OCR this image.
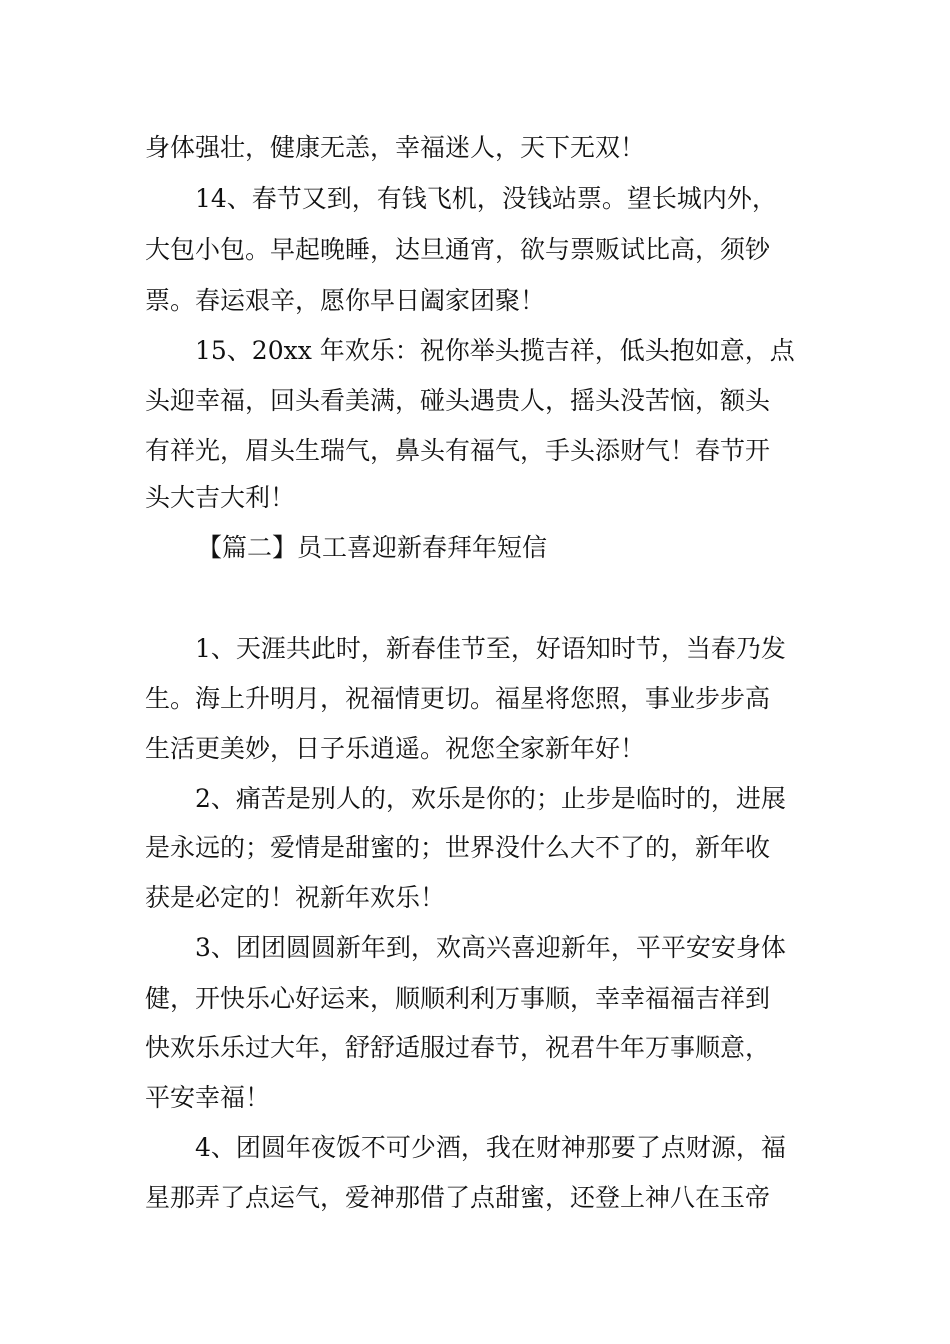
身体强壮，健康无恙，幸福迷人，天下无双！
14、春节又到，有钱飞机，没钱站票。望长城内外，
大包小包。早起晚睡，达旦通宵，欲与票贩试比高，须钞
票。春运艰辛，愿你早日阖家团聚！
15、20xx 年欢乐：祝你举头揽吉祥，低头抱如意，点
头迎幸福，回头看美满，碰头遇贵人，摇头没苦恼，额头
有祥光，眉头生瑞气，鼻头有福气，手头添财气！春节开
头大吉大利！
【篇二】员工喜迎新春拜年短信
1、天涯共此时，新春佳节至，好语知时节，当春乃发
生。海上升明月，祝福情更切。福星将您照，事业步步高
生活更美妙，日子乐逍遥。祝您全家新年好！
2、痛苦是别人的，欢乐是你的；止步是临时的，进展
是永远的；爱情是甜蜜的；世界没什么大不了的，新年收
获是必定的！祝新年欢乐！
3、团团圆圆新年到，欢高兴喜迎新年，平平安安身体
健，开快乐心好运来，顺顺利利万事顺，幸幸福福吉祥到
快欢乐乐过大年，舒舒适服过春节，祝君牛年万事顺意，
平安幸福！
4、团圆年夜饭不可少酒，我在财神那要了点财源，福
星那弄了点运气，爱神那借了点甜蜜，还登上神八在玉帝
